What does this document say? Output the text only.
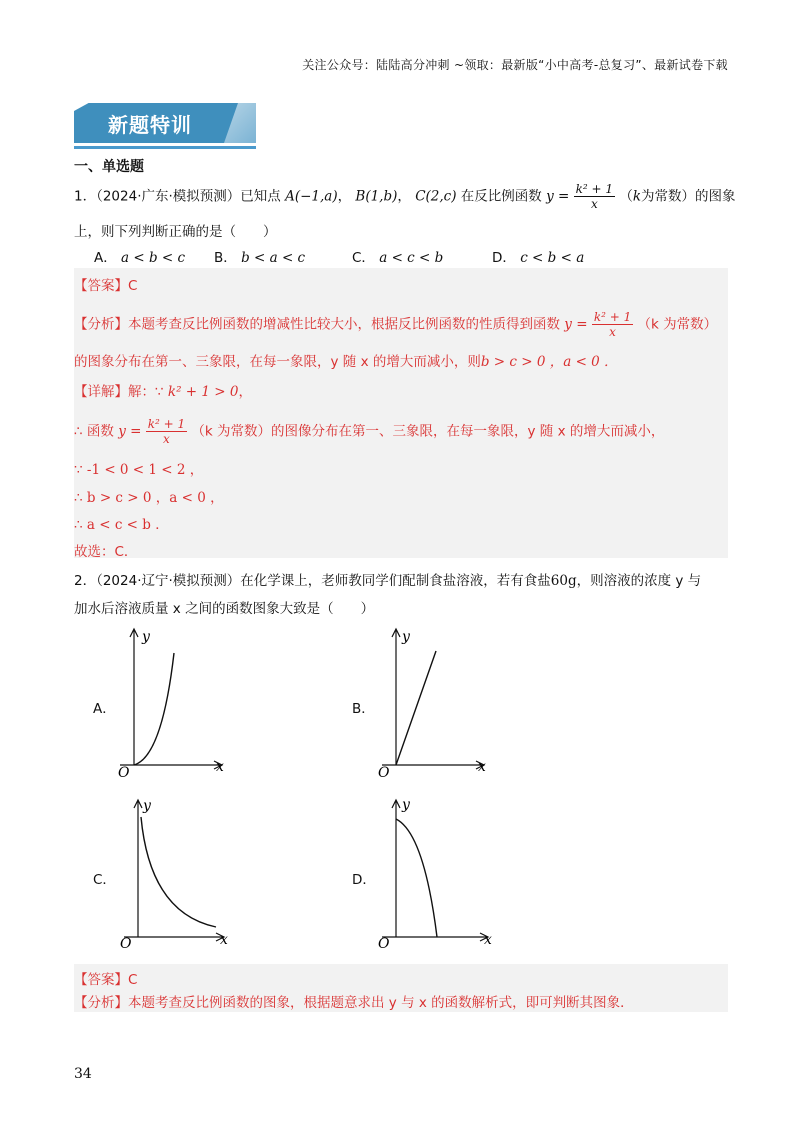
关注公众号：陆陆高分冲刺 ~领取：最新版“小中高考-总复习”、最新试卷下载
新题特训
一、单选题
1．（2024·广东·模拟预测）已知点 A(−1,a)， B(1,b)， C(2,c) 在反比例函数 $y = \frac{\text{k² + 1}}{x} (k$为常数）的图象
上，则下列判断正确的是（　　）
A． a < b < c B． b < a < c	C． a < c < b	D． c < b < a
【答案】C
【分析】本题考查反比例函数的增减性比较大小，根据反比例函数的性质得到函数 $y = \frac{\text{k² + 1}}{x} (k$ 为常数）
的图象分布在第一、三象限，在每一象限，y 随 x 的增大而减小，则b > c > 0 ，a < 0 ．
【详解】解：∵ k² + 1 > 0，
∴ 函数 $y = \frac{\text{k² + 1}}{x} (k$ 为常数）的图像分布在第一、三象限，在每一象限，y 随 x 的增大而减小，
∵ -1 < 0 < 1 < 2 ，
∴ b > c > 0 ，a < 0 ，
∴ a < c < b ．
故选：C．
2．（2024·辽宁·模拟预测）在化学课上，老师教同学们配制食盐溶液，若有食盐60g，则溶液的浓度 y 与
加水后溶液质量 x 之间的函数图象大致是（　　）
A．
y
x
O
B．
y
x
O
C．
y
x
O
D．
y
x
O
【答案】C
【分析】本题考查反比例函数的图象，根据题意求出 y 与 x 的函数解析式，即可判断其图象．
34
